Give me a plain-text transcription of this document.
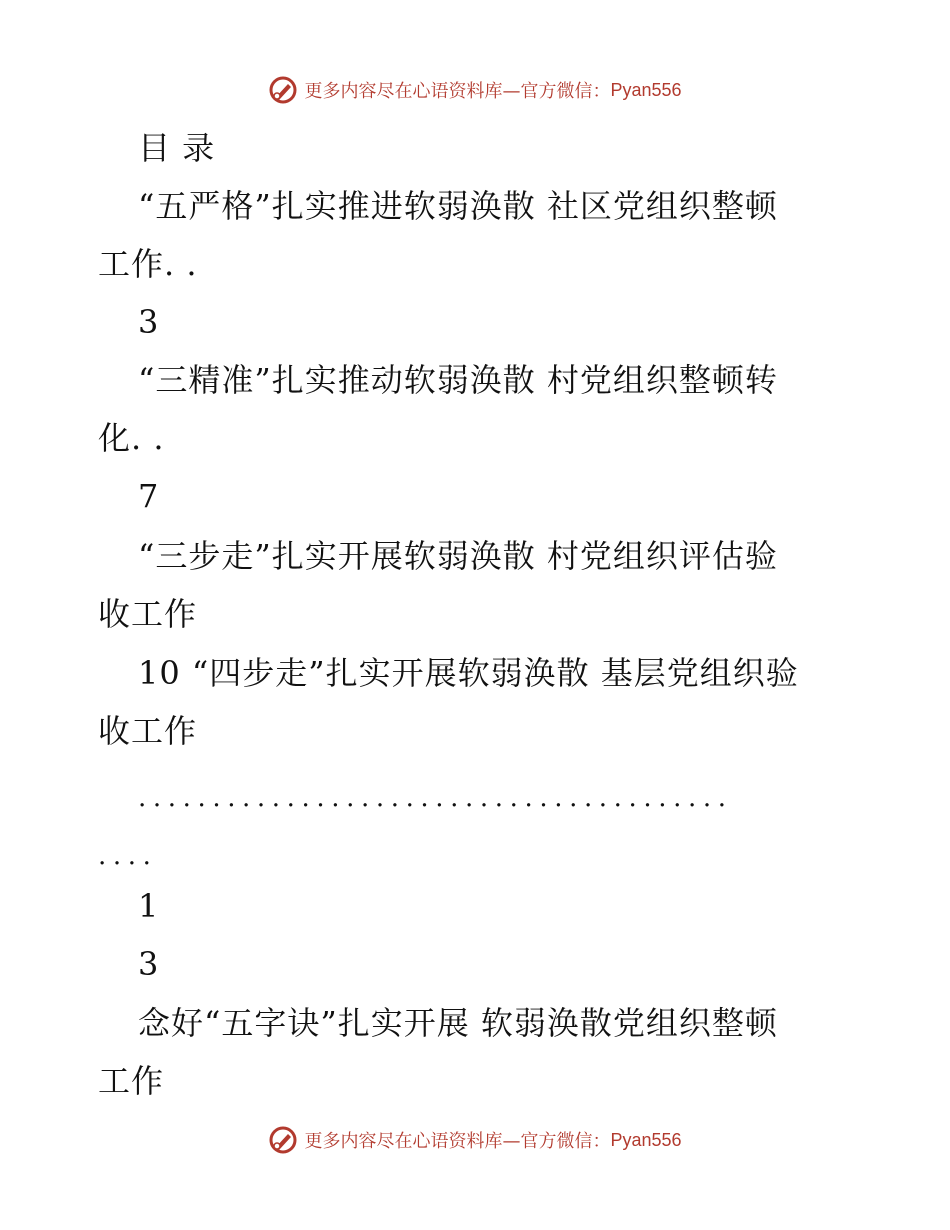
更多内容尽在心语资料库—官方微信： Pyan556
目 录
“五严格”扎实推进软弱涣散 社区党组织整顿
工作. .
3
“三精准”扎实推动软弱涣散 村党组织整顿转
化. .
7
“三步走”扎实开展软弱涣散 村党组织评估验
收工作
10 “四步走”扎实开展软弱涣散 基层党组织验
收工作
........................................
....
1
3
念好“五字诀”扎实开展 软弱涣散党组织整顿
工作
更多内容尽在心语资料库—官方微信： Pyan556
